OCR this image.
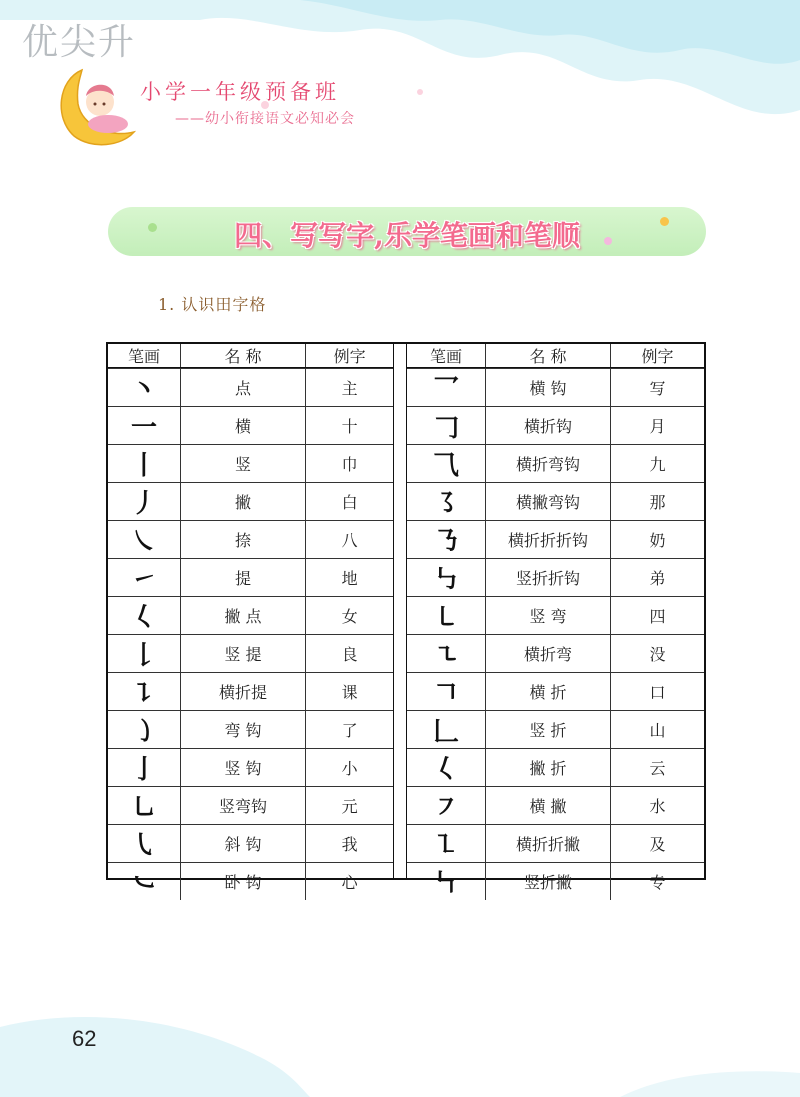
优尖升
小学一年级预备班
——幼小衔接语文必知必会
四、写写字,乐学笔画和笔顺
1. 认识田字格
笔画	名 称	例字
丶	点	主
一	横	十
丨	竖	巾
丿	撇	白
㇏	捺	八
㇀	提	地
𡿨	撇 点	女
𠄌	竖 提	良
㇊	横折提	课
㇁	弯 钩	了
亅	竖 钩	小
㇟	竖弯钩	元
㇂	斜 钩	我
㇃	卧 钩	心
笔画	名 称	例字
乛	横 钩	写
𠃌	横折钩	月
⺄	横折弯钩	九
㇌	横撇弯钩	那
㇡	横折折折钩	奶
㇉	竖折折钩	弟
㇄	竖 弯	四
㇍	横折弯	没
𠃍	横 折	口
𠃊	竖 折	山
𡿨	撇 折	云
㇇	横 撇	水
㇅	横折折撇	及
㇞	竖折撇	专
62
